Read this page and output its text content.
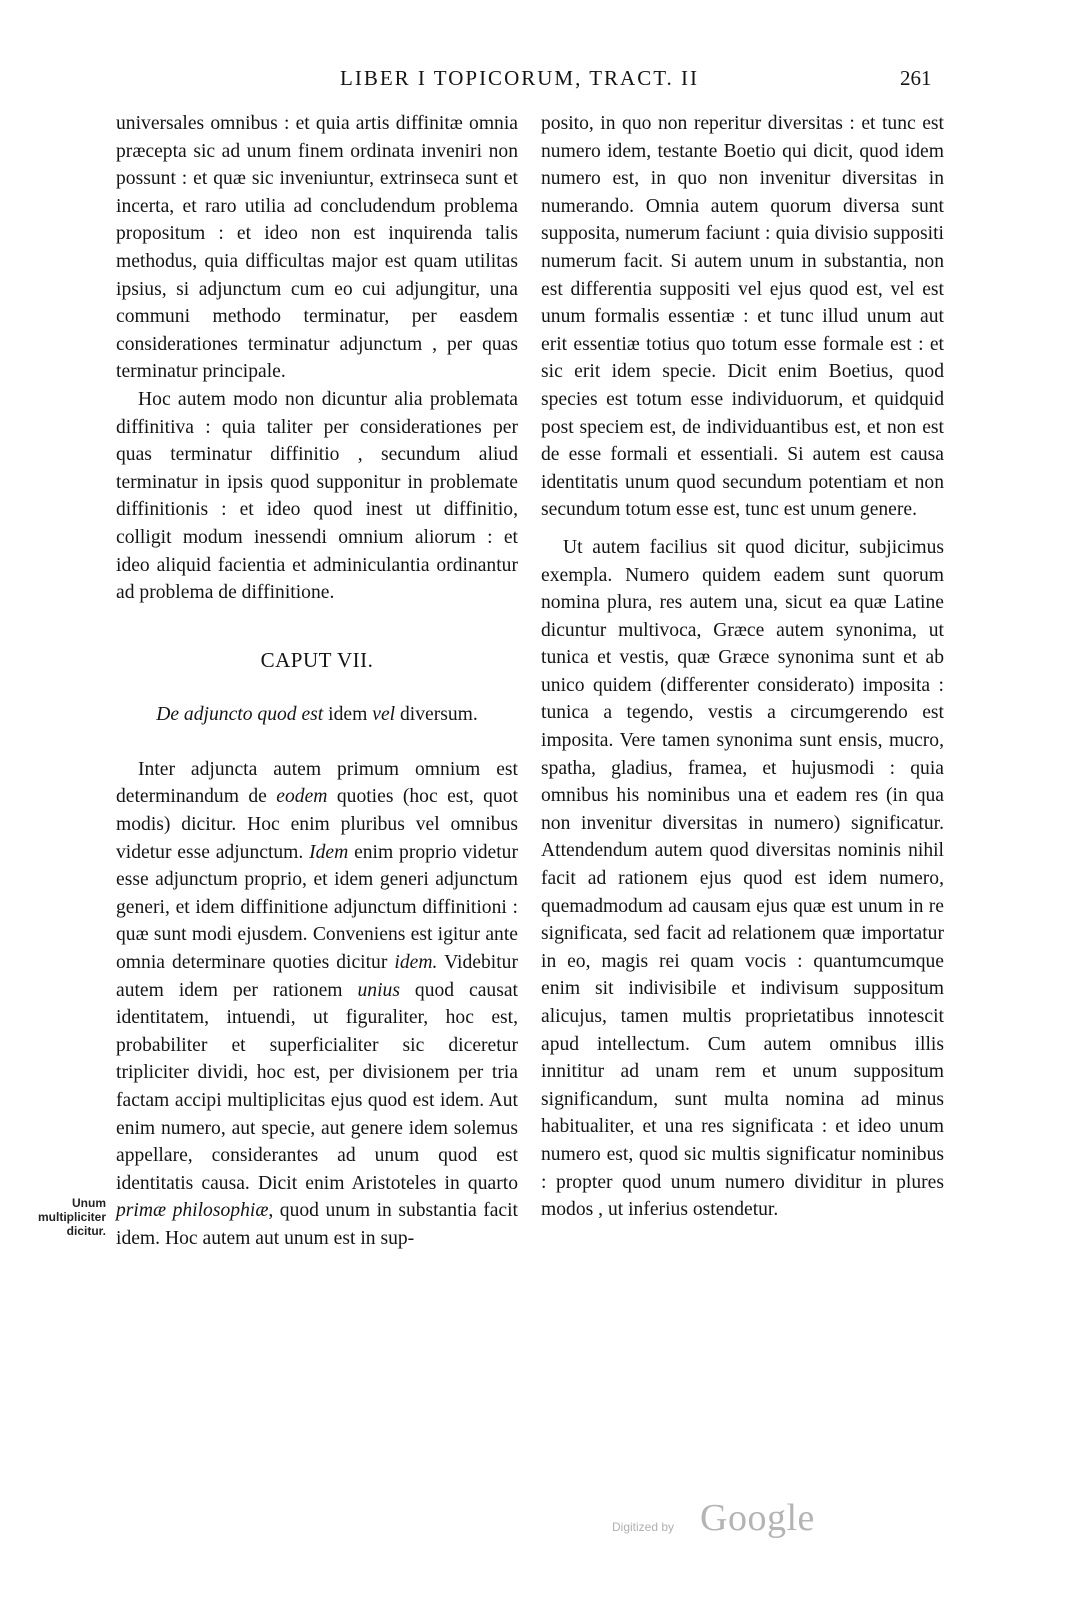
LIBER I TOPICORUM, TRACT. II	261

universales omnibus : et quia artis diffinitæ omnia præcepta sic ad unum finem ordinata inveniri non possunt : et quæ sic inveniuntur, extrinseca sunt et incerta, et raro utilia ad concludendum problema propositum : et ideo non est inquirenda talis methodus, quia difficultas major est quam utilitas ipsius, si adjunctum cum eo cui adjungitur, una communi methodo terminatur, per easdem considerationes terminatur adjunctum , per quas terminatur principale.

Hoc autem modo non dicuntur alia problemata diffinitiva : quia taliter per considerationes per quas terminatur diffinitio , secundum aliud terminatur in ipsis quod supponitur in problemate diffinitionis : et ideo quod inest ut diffinitio, colligit modum inessendi omnium aliorum : et ideo aliquid facientia et adminiculantia ordinantur ad problema de diffinitione.

CAPUT VII.
De adjuncto quod est idem vel diversum.

Inter adjuncta autem primum omnium est determinandum de eodem quoties (hoc est, quot modis) dicitur. Hoc enim pluribus vel omnibus videtur esse adjunctum. Idem enim proprio videtur esse adjunctum proprio, et idem generi adjunctum generi, et idem diffinitione adjunctum diffinitioni : quæ sunt modi ejusdem. Conveniens est igitur ante omnia determinare quoties dicitur idem. Videbitur autem idem per rationem unius quod causat identitatem, intuendi, ut figuraliter, hoc est, probabiliter et superficialiter sic diceretur tripliciter dividi, hoc est, per divisionem per tria factam accipi multiplicitas ejus quod est idem. Aut enim numero, aut specie, aut genere idem solemus appellare, considerantes ad unum quod est identitatis causa. Dicit enim Aristoteles in quarto primæ philosophiæ, quod unum in substantia facit idem. Hoc autem aut unum est in sup-

Unum multipliciter dicitur.

posito, in quo non reperitur diversitas : et tunc est numero idem, testante Boetio qui dicit, quod idem numero est, in quo non invenitur diversitas in numerando. Omnia autem quorum diversa sunt supposita, numerum faciunt : quia divisio suppositi numerum facit. Si autem unum in substantia, non est differentia suppositi vel ejus quod est, vel est unum formalis essentiæ : et tunc illud unum aut erit essentiæ totius quo totum esse formale est : et sic erit idem specie. Dicit enim Boetius, quod species est totum esse individuorum, et quidquid post speciem est, de individuantibus est, et non est de esse formali et essentiali. Si autem est causa identitatis unum quod secundum potentiam et non secundum totum esse est, tunc est unum genere.

Ut autem facilius sit quod dicitur, subjicimus exempla. Numero quidem eadem sunt quorum nomina plura, res autem una, sicut ea quæ Latine dicuntur multivoca, Græce autem synonima, ut tunica et vestis, quæ Græce synonima sunt et ab unico quidem (differenter considerato) imposita : tunica a tegendo, vestis a circumgerendo est imposita. Vere tamen synonima sunt ensis, mucro, spatha, gladius, framea, et hujusmodi : quia omnibus his nominibus una et eadem res (in qua non invenitur diversitas in numero) significatur. Attendendum autem quod diversitas nominis nihil facit ad rationem ejus quod est idem numero, quemadmodum ad causam ejus quæ est unum in re significata, sed facit ad relationem quæ importatur in eo, magis rei quam vocis : quantumcumque enim sit indivisibile et indivisum suppositum alicujus, tamen multis proprietatibus innotescit apud intellectum. Cum autem omnibus illis innititur ad unam rem et unum suppositum significandum, sunt multa nomina ad minus habitualiter, et una res significata : et ideo unum numero est, quod sic multis significatur nominibus : propter quod unum numero dividitur in plures modos , ut inferius ostendetur.

Digitized by Google
